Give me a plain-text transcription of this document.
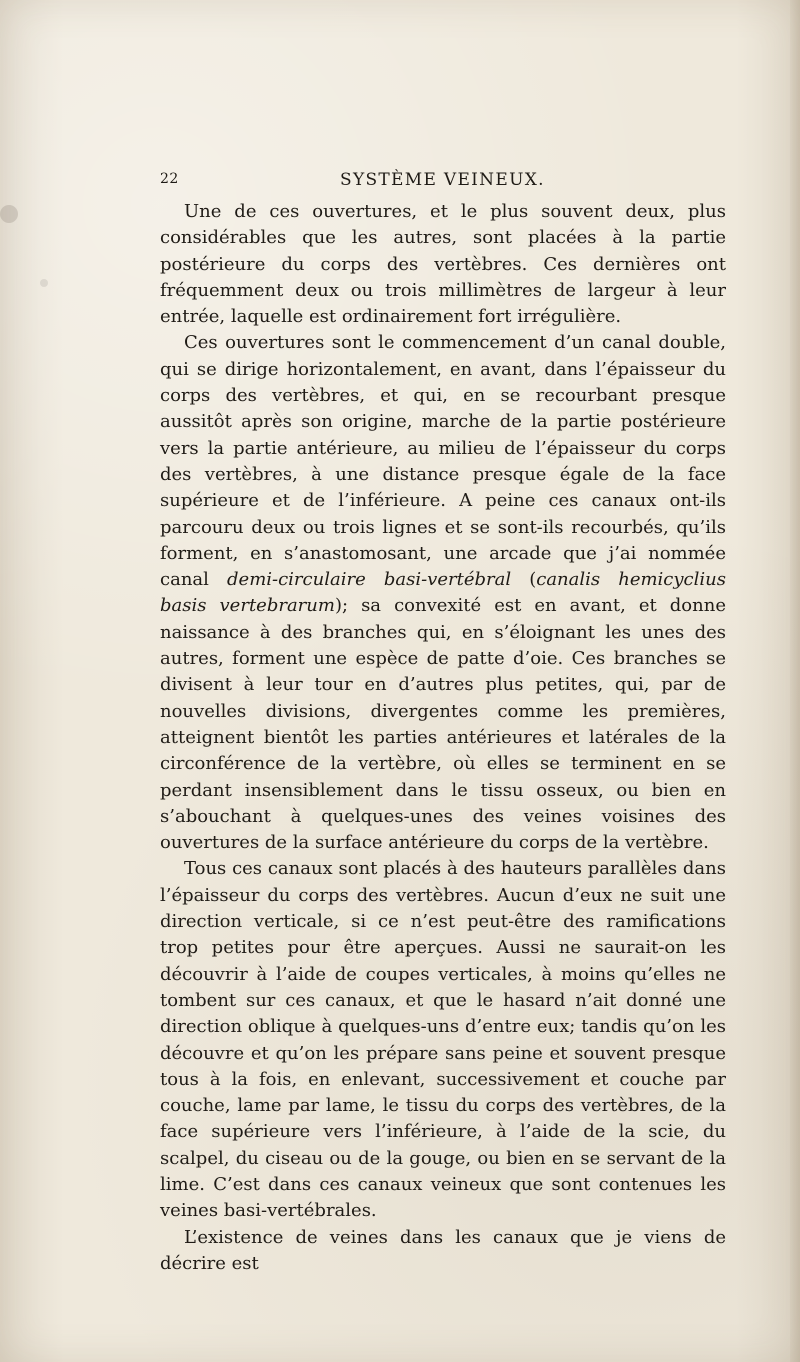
22	SYSTÈME VEINEUX.

Une de ces ouvertures, et le plus souvent deux, plus considérables que les autres, sont placées à la partie postérieure du corps des vertèbres. Ces dernières ont fréquemment deux ou trois millimètres de largeur à leur entrée, laquelle est ordinairement fort irrégulière.

Ces ouvertures sont le commencement d’un canal double, qui se dirige horizontalement, en avant, dans l’épaisseur du corps des vertèbres, et qui, en se recourbant presque aussitôt après son origine, marche de la partie postérieure vers la partie antérieure, au milieu de l’épaisseur du corps des vertèbres, à une distance presque égale de la face supérieure et de l’inférieure. A peine ces canaux ont-ils parcouru deux ou trois lignes et se sont-ils recourbés, qu’ils forment, en s’anastomosant, une arcade que j’ai nommée canal demi-circulaire basi-vertébral (canalis hemicyclius basis vertebrarum); sa convexité est en avant, et donne naissance à des branches qui, en s’éloignant les unes des autres, forment une espèce de patte d’oie. Ces branches se divisent à leur tour en d’autres plus petites, qui, par de nouvelles divisions, divergentes comme les premières, atteignent bientôt les parties antérieures et latérales de la circonférence de la vertèbre, où elles se terminent en se perdant insensiblement dans le tissu osseux, ou bien en s’abouchant à quelques-unes des veines voisines des ouvertures de la surface antérieure du corps de la vertèbre.

Tous ces canaux sont placés à des hauteurs parallèles dans l’épaisseur du corps des vertèbres. Aucun d’eux ne suit une direction verticale, si ce n’est peut-être des ramifications trop petites pour être aperçues. Aussi ne saurait-on les découvrir à l’aide de coupes verticales, à moins qu’elles ne tombent sur ces canaux, et que le hasard n’ait donné une direction oblique à quelques-uns d’entre eux; tandis qu’on les découvre et qu’on les prépare sans peine et souvent presque tous à la fois, en enlevant, successivement et couche par couche, lame par lame, le tissu du corps des vertèbres, de la face supérieure vers l’inférieure, à l’aide de la scie, du scalpel, du ciseau ou de la gouge, ou bien en se servant de la lime. C’est dans ces canaux veineux que sont contenues les veines basi-vertébrales.

L’existence de veines dans les canaux que je viens de décrire est
